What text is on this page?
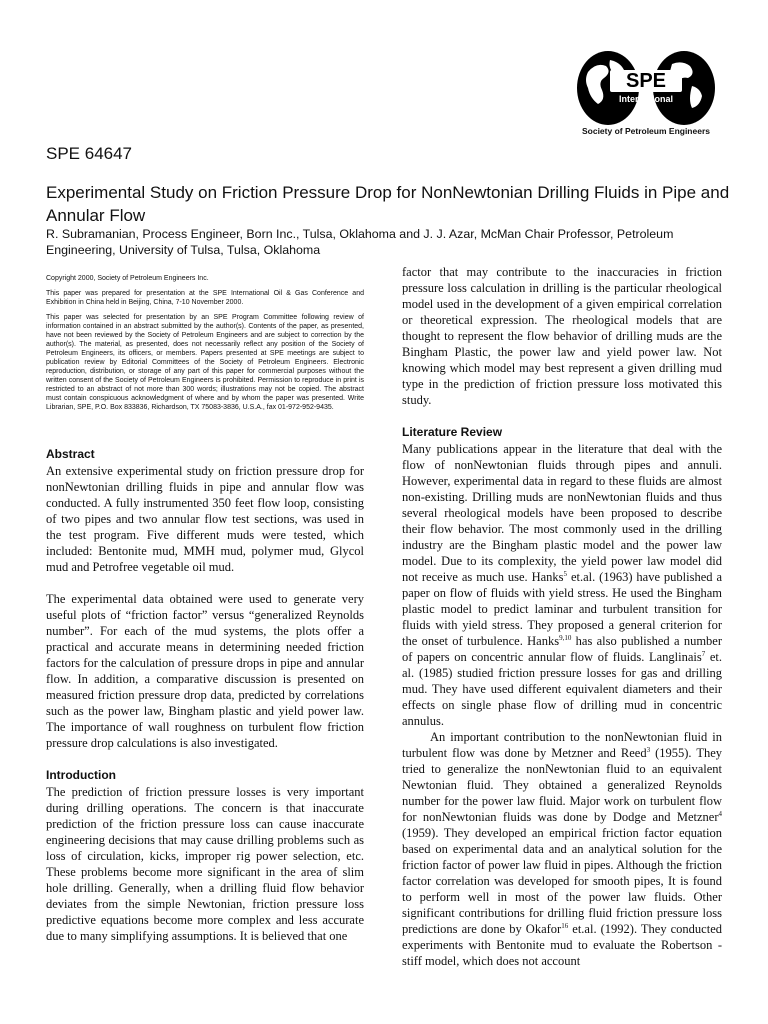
SPE
International
Society of Petroleum Engineers
SPE 64647
Experimental Study on Friction Pressure Drop for NonNewtonian Drilling Fluids in Pipe and Annular Flow

R. Subramanian, Process Engineer, Born Inc., Tulsa, Oklahoma and J. J. Azar, McMan Chair Professor, Petroleum Engineering, University of Tulsa, Tulsa, Oklahoma

Copyright 2000, Society of Petroleum Engineers Inc.

This paper was prepared for presentation at the SPE International Oil & Gas Conference and Exhibition in China held in Beijing, China, 7-10 November 2000.

This paper was selected for presentation by an SPE Program Committee following review of information contained in an abstract submitted by the author(s). Contents of the paper, as presented, have not been reviewed by the Society of Petroleum Engineers and are subject to correction by the author(s). The material, as presented, does not necessarily reflect any position of the Society of Petroleum Engineers, its officers, or members. Papers presented at SPE meetings are subject to publication review by Editorial Committees of the Society of Petroleum Engineers. Electronic reproduction, distribution, or storage of any part of this paper for commercial purposes without the written consent of the Society of Petroleum Engineers is prohibited. Permission to reproduce in print is restricted to an abstract of not more than 300 words; illustrations may not be copied. The abstract must contain conspicuous acknowledgment of where and by whom the paper was presented. Write Librarian, SPE, P.O. Box 833836, Richardson, TX 75083-3836, U.S.A., fax 01-972-952-9435.

Abstract

An extensive experimental study on friction pressure drop for nonNewtonian drilling fluids in pipe and annular flow was conducted. A fully instrumented 350 feet flow loop, consisting of two pipes and two annular flow test sections, was used in the test program. Five different muds were tested, which included: Bentonite mud, MMH mud, polymer mud, Glycol mud and Petrofree vegetable oil mud.

The experimental data obtained were used to generate very useful plots of “friction factor” versus “generalized Reynolds number”. For each of the mud systems, the plots offer a practical and accurate means in determining needed friction factors for the calculation of pressure drops in pipe and annular flow. In addition, a comparative discussion is presented on measured friction pressure drop data, predicted by correlations such as the power law, Bingham plastic and yield power law. The importance of wall roughness on turbulent flow friction pressure drop calculations is also investigated.

Introduction

The prediction of friction pressure losses is very important during drilling operations. The concern is that inaccurate prediction of the friction pressure loss can cause inaccurate engineering decisions that may cause drilling problems such as loss of circulation, kicks, improper rig power selection, etc. These problems become more significant in the area of slim hole drilling. Generally, when a drilling fluid flow behavior deviates from the simple Newtonian, friction pressure loss predictive equations become more complex and less accurate due to many simplifying assumptions. It is believed that one

factor that may contribute to the inaccuracies in friction pressure loss calculation in drilling is the particular rheological model used in the development of a given empirical correlation or theoretical expression. The rheological models that are thought to represent the flow behavior of drilling muds are the Bingham Plastic, the power law and yield power law. Not knowing which model may best represent a given drilling mud type in the prediction of friction pressure loss motivated this study.

Literature Review

Many publications appear in the literature that deal with the flow of nonNewtonian fluids through pipes and annuli. However, experimental data in regard to these fluids are almost non-existing. Drilling muds are nonNewtonian fluids and thus several rheological models have been proposed to describe their flow behavior. The most commonly used in the drilling industry are the Bingham plastic model and the power law model. Due to its complexity, the yield power law model did not receive as much use. Hanks$^5$ et.al. (1963) have published a paper on flow of fluids with yield stress. He used the Bingham plastic model to predict laminar and turbulent transition for fluids with yield stress. They proposed a general criterion for the onset of turbulence. Hanks$^{9,10}$ has also published a number of papers on concentric annular flow of fluids. Langlinais$^7$ et. al. (1985) studied friction pressure losses for gas and drilling mud. They have used different equivalent diameters and their effects on single phase flow of drilling mud in concentric annulus.

An important contribution to the nonNewtonian fluid in turbulent flow was done by Metzner and Reed$^3$ (1955). They tried to generalize the nonNewtonian fluid to an equivalent Newtonian fluid. They obtained a generalized Reynolds number for the power law fluid. Major work on turbulent flow for nonNewtonian fluids was done by Dodge and Metzner$^4$ (1959). They developed an empirical friction factor equation based on experimental data and an analytical solution for the friction factor of power law fluid in pipes. Although the friction factor correlation was developed for smooth pipes, It is found to perform well in most of the power law fluids. Other significant contributions for drilling fluid friction pressure loss predictions are done by Okafor$^{16}$ et.al. (1992). They conducted experiments with Bentonite mud to evaluate the Robertson - stiff model, which does not account
